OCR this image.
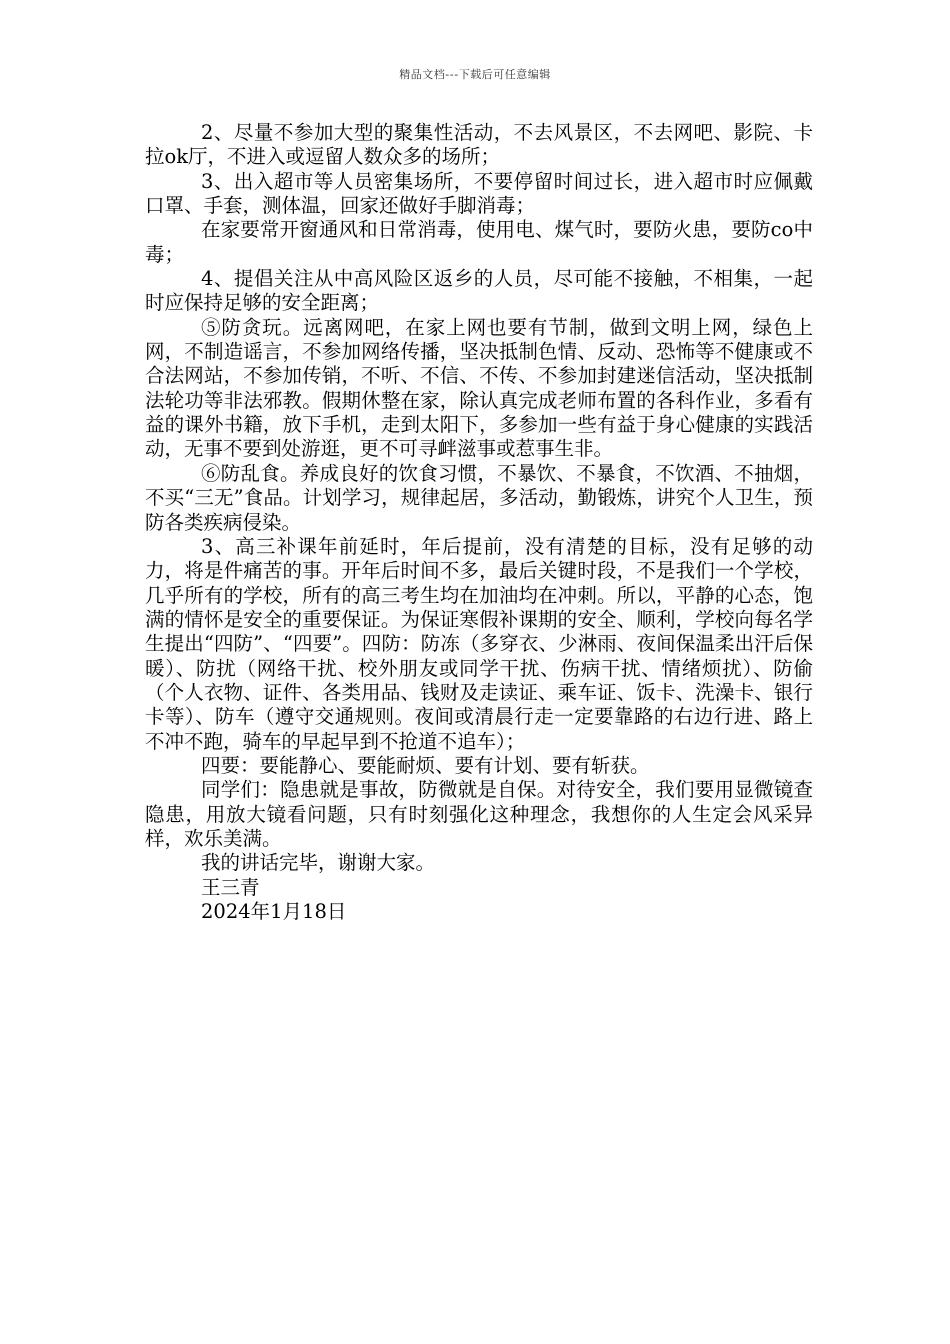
精品文档---下载后可任意编辑

2、尽量不参加大型的聚集性活动，不去风景区，不去网吧、影院、卡拉ok厅，不进入或逗留人数众多的场所；

3、出入超市等人员密集场所，不要停留时间过长，进入超市时应佩戴口罩、手套，测体温，回家还做好手脚消毒；

在家要常开窗通风和日常消毒，使用电、煤气时，要防火患，要防co中毒；

4、提倡关注从中高风险区返乡的人员，尽可能不接触，不相集，一起时应保持足够的安全距离；

⑤防贪玩。远离网吧，在家上网也要有节制，做到文明上网，绿色上网，不制造谣言，不参加网络传播，坚决抵制色情、反动、恐怖等不健康或不合法网站，不参加传销，不听、不信、不传、不参加封建迷信活动，坚决抵制法轮功等非法邪教。假期休整在家，除认真完成老师布置的各科作业，多看有益的课外书籍，放下手机，走到太阳下，多参加一些有益于身心健康的实践活动，无事不要到处游逛，更不可寻衅滋事或惹事生非。

⑥防乱食。养成良好的饮食习惯，不暴饮、不暴食，不饮酒、不抽烟，不买“三无”食品。计划学习，规律起居，多活动，勤锻炼，讲究个人卫生，预防各类疾病侵染。

3、高三补课年前延时，年后提前，没有清楚的目标，没有足够的动力，将是件痛苦的事。开年后时间不多，最后关键时段，不是我们一个学校，几乎所有的学校，所有的高三考生均在加油均在冲刺。所以，平静的心态，饱满的情怀是安全的重要保证。为保证寒假补课期的安全、顺利，学校向每名学生提出“四防”、“四要”。四防：防冻（多穿衣、少淋雨、夜间保温柔出汗后保暖）、防扰（网络干扰、校外朋友或同学干扰、伤病干扰、情绪烦扰）、防偷（个人衣物、证件、各类用品、钱财及走读证、乘车证、饭卡、洗澡卡、银行卡等）、防车（遵守交通规则。夜间或清晨行走一定要靠路的右边行进、路上不冲不跑，骑车的早起早到不抢道不追车）；

四要：要能静心、要能耐烦、要有计划、要有斩获。

同学们：隐患就是事故，防微就是自保。对待安全，我们要用显微镜查隐患，用放大镜看问题，只有时刻强化这种理念，我想你的人生定会风采异样，欢乐美满。

我的讲话完毕，谢谢大家。

王三青

2024年1月18日
